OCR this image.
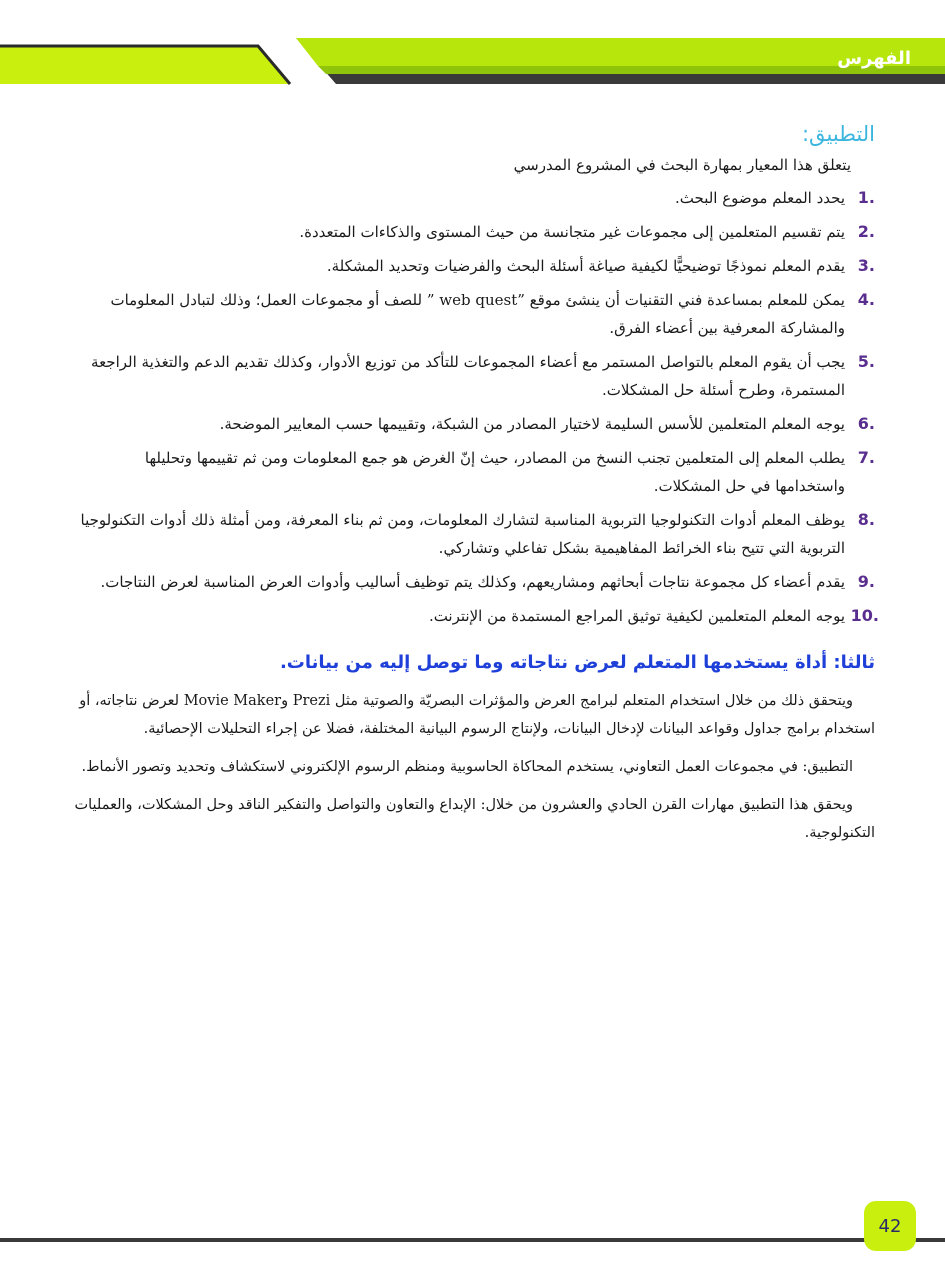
الفهرس
التطبيق:
يتعلق هذا المعيار بمهارة البحث في المشروع المدرسي
1.
يحدد المعلم موضوع البحث.
2.
يتم تقسيم المتعلمين إلى مجموعات غير متجانسة من حيث المستوى والذكاءات المتعددة.
3.
يقدم المعلم نموذجًا توضيحيًّا لكيفية صياغة أسئلة البحث والفرضيات وتحديد المشكلة.
4.
يمكن للمعلم بمساعدة فني التقنيات أن ينشئ موقع ”web quest ” للصف أو مجموعات العمل؛ وذلك لتبادل المعلومات والمشاركة المعرفية بين أعضاء الفرق.
5.
يجب أن يقوم المعلم بالتواصل المستمر مع أعضاء المجموعات للتأكد من توزيع الأدوار، وكذلك تقديم الدعم والتغذية الراجعة المستمرة، وطرح أسئلة حل المشكلات.
6.
يوجه المعلم المتعلمين للأسس السليمة لاختيار المصادر من الشبكة، وتقييمها حسب المعايير الموضحة.
7.
يطلب المعلم إلى المتعلمين تجنب النسخ من المصادر، حيث إنّ الغرض هو جمع المعلومات ومن ثم تقييمها وتحليلها واستخدامها في حل المشكلات.
8.
يوظف المعلم أدوات التكنولوجيا التربوية المناسبة لتشارك المعلومات، ومن ثم بناء المعرفة، ومن أمثلة ذلك أدوات التكنولوجيا التربوية التي تتيح بناء الخرائط المفاهيمية بشكل تفاعلي وتشاركي.
9.
يقدم أعضاء كل مجموعة نتاجات أبحاثهم ومشاريعهم، وكذلك يتم توظيف أساليب وأدوات العرض المناسبة لعرض النتاجات.
10.
يوجه المعلم المتعلمين لكيفية توثيق المراجع المستمدة من الإنترنت.
ثالثا: أداة يستخدمها المتعلم لعرض نتاجاته وما توصل إليه من بيانات.

ويتحقق ذلك من خلال استخدام المتعلم لبرامج العرض والمؤثرات البصريّة والصوتية مثل Prezi وMovie Maker لعرض نتاجاته، أو استخدام برامج جداول وقواعد البيانات لإدخال البيانات، ولإنتاج الرسوم البيانية المختلفة، فضلا عن إجراء التحليلات الإحصائية.

التطبيق: في مجموعات العمل التعاوني، يستخدم المحاكاة الحاسوبية ومنظم الرسوم الإلكتروني لاستكشاف وتحديد وتصور الأنماط.

ويحقق هذا التطبيق مهارات القرن الحادي والعشرون من خلال: الإبداع والتعاون والتواصل والتفكير الناقد وحل المشكلات، والعمليات التكنولوجية.

42
